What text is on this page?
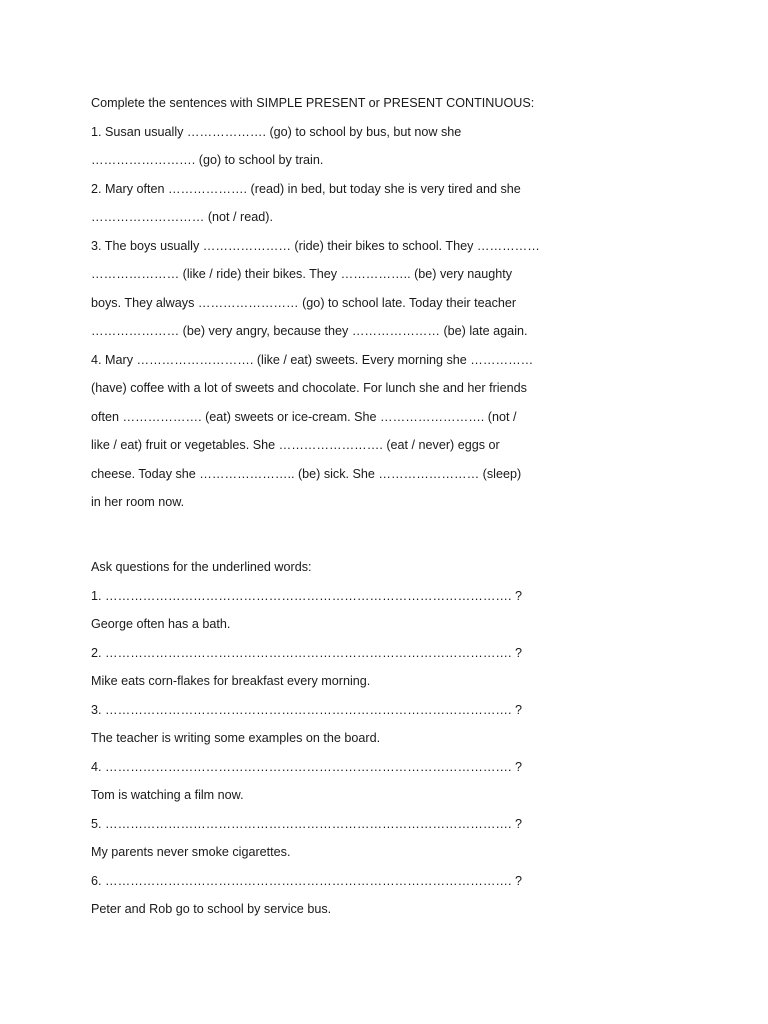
Complete the sentences with SIMPLE PRESENT or PRESENT CONTINUOUS:
1. Susan usually ………………. (go) to school by bus, but now she
……………………. (go) to school by train.
2. Mary often ………………. (read) in bed, but today she is very tired and she
……………………… (not / read).
3. The boys usually ………………… (ride) their bikes to school. They ……………
………………… (like / ride) their bikes. They …………….. (be) very naughty
boys. They always …………………… (go) to school late. Today their teacher
………………… (be) very angry, because they ………………… (be) late again.
4. Mary ………………………. (like / eat) sweets. Every morning she ……………
(have) coffee with a lot of sweets and chocolate. For lunch she and her friends
often ………………. (eat) sweets or ice-cream. She ……………………. (not /
like / eat) fruit or vegetables. She ……………………. (eat / never) eggs or
cheese. Today she ………………….. (be) sick. She …………………… (sleep)
in her room now.
Ask questions for the underlined words:
1. ……………………………………………………………………………………. ?
George often has a bath.
2. ……………………………………………………………………………………. ?
Mike eats corn-flakes for breakfast every morning.
3. ……………………………………………………………………………………. ?
The teacher is writing some examples on the board.
4. ……………………………………………………………………………………. ?
Tom is watching a film now.
5. ……………………………………………………………………………………. ?
My parents never smoke cigarettes.
6. ……………………………………………………………………………………. ?
Peter and Rob go to school by service bus.
